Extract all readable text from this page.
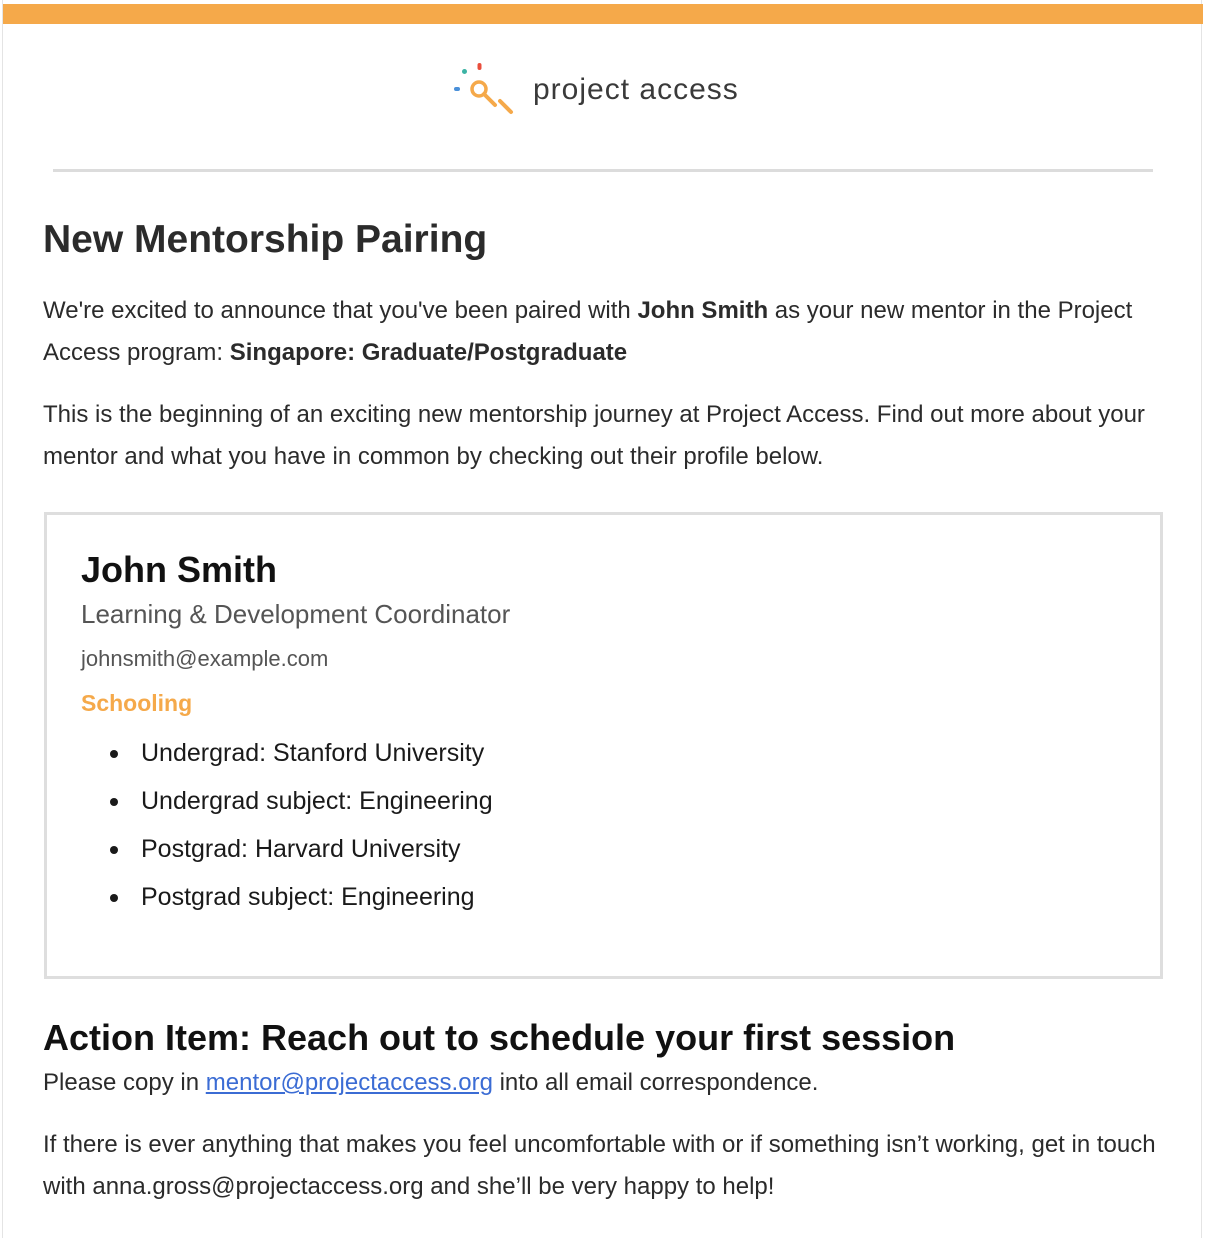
project access
New Mentorship Pairing

We're excited to announce that you've been paired with John Smith as your new mentor in the Project Access program: Singapore: Graduate/Postgraduate

This is the beginning of an exciting new mentorship journey at Project Access. Find out more about your mentor and what you have in common by checking out their profile below.

John Smith
Learning & Development Coordinator
johnsmith@example.com
Schooling
Undergrad: Stanford University
Undergrad subject: Engineering
Postgrad: Harvard University
Postgrad subject: Engineering
Action Item: Reach out to schedule your first session

Please copy in mentor@projectaccess.org into all email correspondence.

If there is ever anything that makes you feel uncomfortable with or if something isn’t working, get in touch with anna.gross@projectaccess.org and she’ll be very happy to help!
